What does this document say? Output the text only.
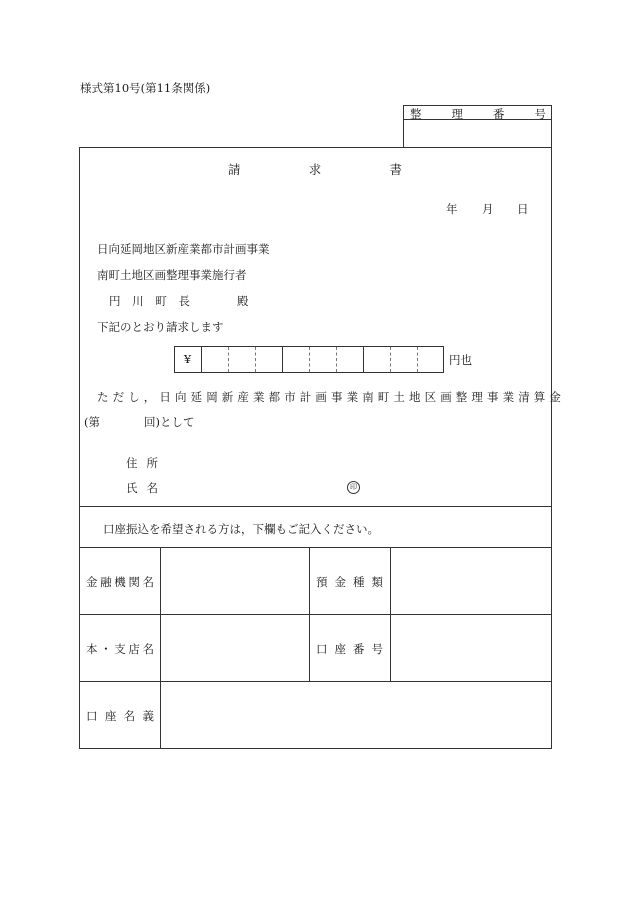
様式第10号(第11条関係)
整	理	番	号
請	求	書
年 月 日
日向延岡地区新産業都市計画事業
南町土地区画整理事業施行者
円 川 町 長	殿
下記のとおり請求します
¥	円也
ただし，日向延岡新産業都市計画事業南町土地区画整理事業清算金
(第	回)として
住 所
氏 名	印
口座振込を希望される方は，下欄もご記入ください。
金 融 機 関 名	預 金 種 類
本 ・ 支 店 名	口 座 番 号
口 座 名 義
